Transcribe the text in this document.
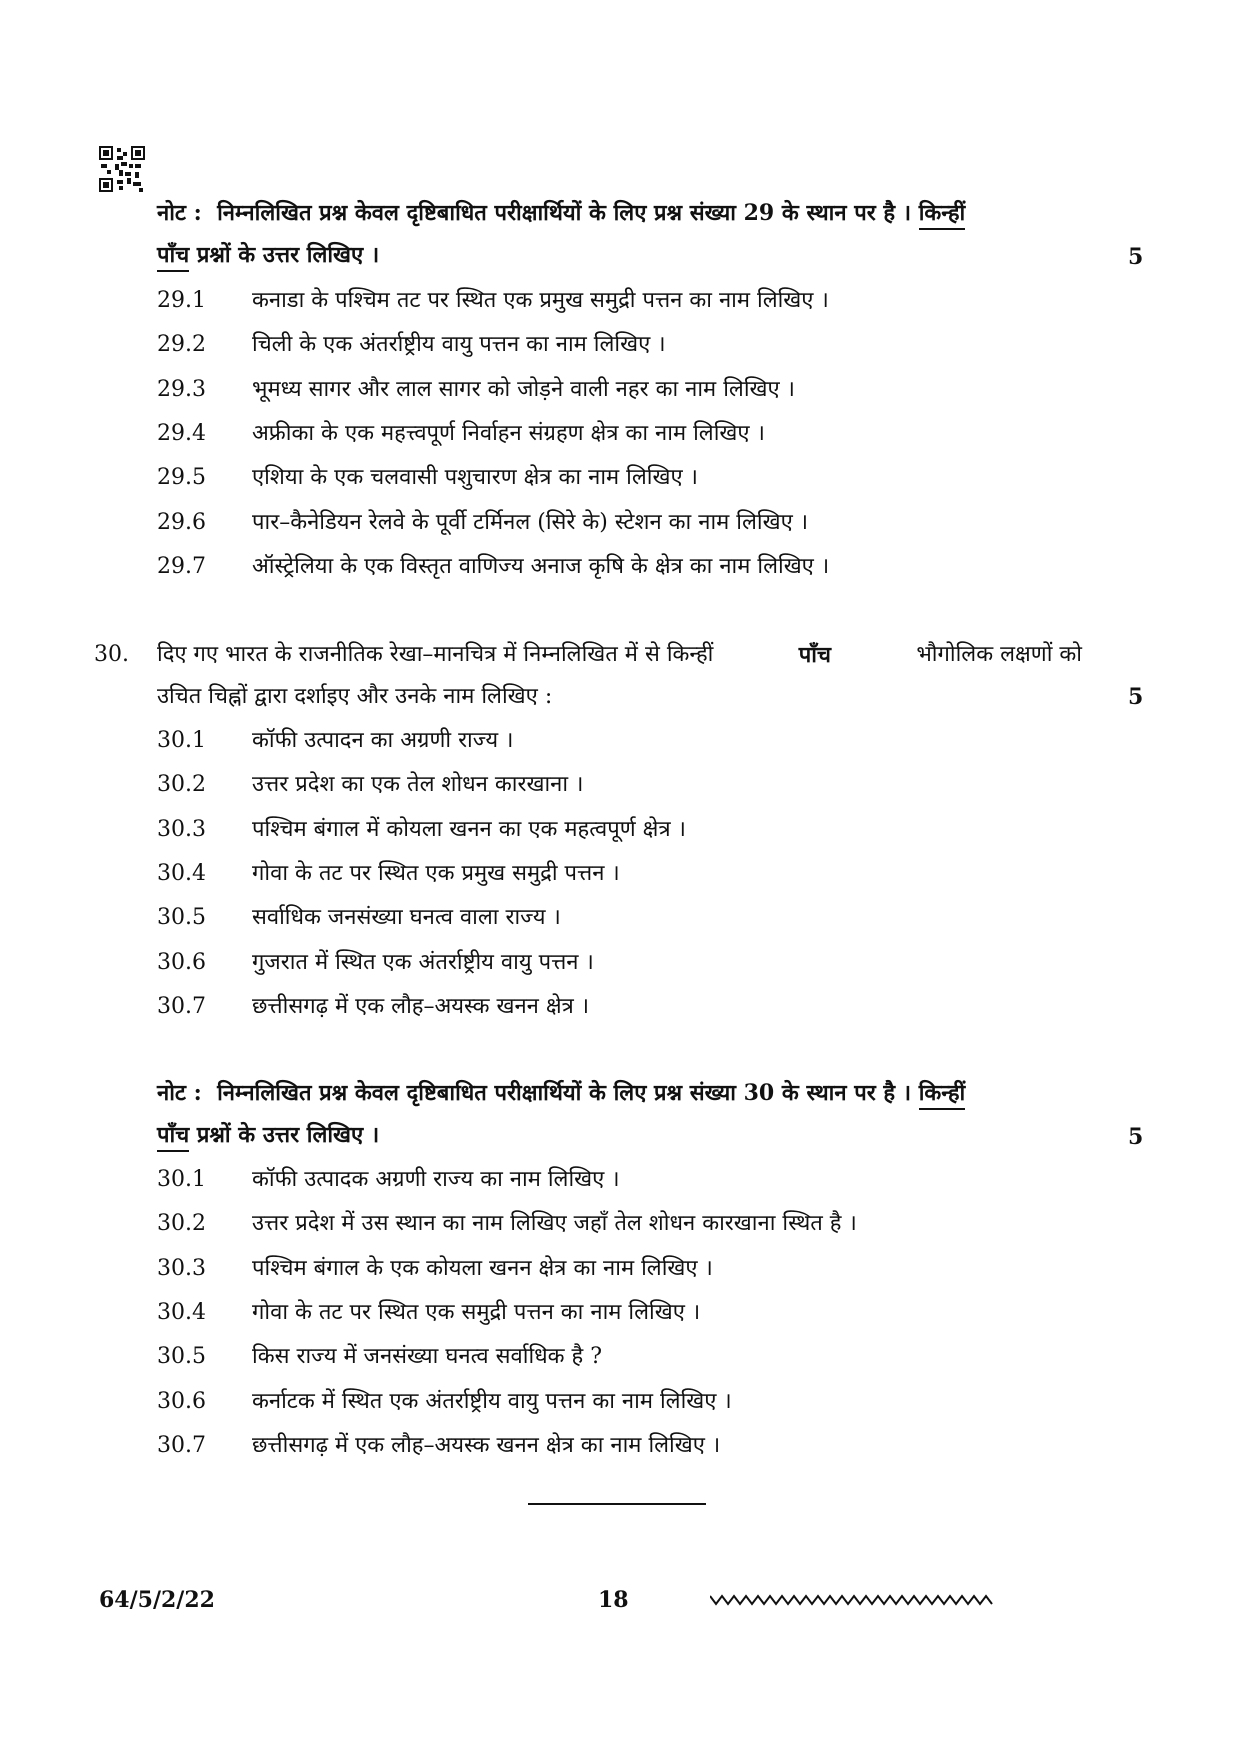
नोट : निम्नलिखित प्रश्न केवल दृष्टिबाधित परीक्षार्थियों के लिए प्रश्न संख्या 29 के स्थान पर है । किन्हीं
पाँच प्रश्नों के उत्तर लिखिए ।	5
29.1 कनाडा के पश्चिम तट पर स्थित एक प्रमुख समुद्री पत्तन का नाम लिखिए ।
29.2 चिली के एक अंतर्राष्ट्रीय वायु पत्तन का नाम लिखिए ।
29.3 भूमध्य सागर और लाल सागर को जोड़ने वाली नहर का नाम लिखिए ।
29.4 अफ्रीका के एक महत्त्वपूर्ण निर्वाहन संग्रहण क्षेत्र का नाम लिखिए ।
29.5 एशिया के एक चलवासी पशुचारण क्षेत्र का नाम लिखिए ।
29.6 पार–कैनेडियन रेलवे के पूर्वी टर्मिनल (सिरे के) स्टेशन का नाम लिखिए ।
29.7 ऑस्ट्रेलिया के एक विस्तृत वाणिज्य अनाज कृषि के क्षेत्र का नाम लिखिए ।
30. दिए गए भारत के राजनीतिक रेखा–मानचित्र में निम्नलिखित में से किन्हीं	पाँच	भौगोलिक लक्षणों को
उचित चिह्नों द्वारा दर्शाइए और उनके नाम लिखिए :	5
30.1 कॉफी उत्पादन का अग्रणी राज्य ।
30.2 उत्तर प्रदेश का एक तेल शोधन कारखाना ।
30.3 पश्चिम बंगाल में कोयला खनन का एक महत्वपूर्ण क्षेत्र ।
30.4 गोवा के तट पर स्थित एक प्रमुख समुद्री पत्तन ।
30.5 सर्वाधिक जनसंख्या घनत्व वाला राज्य ।
30.6 गुजरात में स्थित एक अंतर्राष्ट्रीय वायु पत्तन ।
30.7 छत्तीसगढ़ में एक लौह–अयस्क खनन क्षेत्र ।
नोट : निम्नलिखित प्रश्न केवल दृष्टिबाधित परीक्षार्थियों के लिए प्रश्न संख्या 30 के स्थान पर है । किन्हीं
पाँच प्रश्नों के उत्तर लिखिए ।	5
30.1 कॉफी उत्पादक अग्रणी राज्य का नाम लिखिए ।
30.2 उत्तर प्रदेश में उस स्थान का नाम लिखिए जहाँ तेल शोधन कारखाना स्थित है ।
30.3 पश्चिम बंगाल के एक कोयला खनन क्षेत्र का नाम लिखिए ।
30.4 गोवा के तट पर स्थित एक समुद्री पत्तन का नाम लिखिए ।
30.5 किस राज्य में जनसंख्या घनत्व सर्वाधिक है ?
30.6 कर्नाटक में स्थित एक अंतर्राष्ट्रीय वायु पत्तन का नाम लिखिए ।
30.7 छत्तीसगढ़ में एक लौह–अयस्क खनन क्षेत्र का नाम लिखिए ।
64/5/2/22	18
